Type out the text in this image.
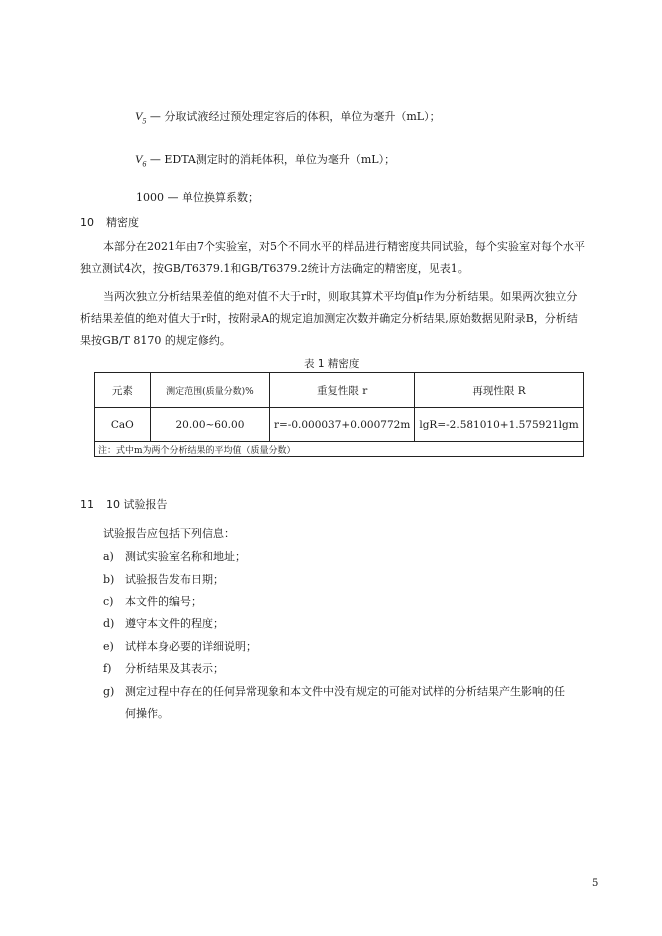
$V_5$ — 分取试液经过预处理定容后的体积，单位为毫升（mL）；
$V_6$ — EDTA测定时的消耗体积，单位为毫升（mL）；
1000 — 单位换算系数；
10 精密度
本部分在2021年由7个实验室，对5个不同水平的样品进行精密度共同试验，每个实验室对每个水平
独立测试4次，按GB/T6379.1和GB/T6379.2统计方法确定的精密度，见表1。
当两次独立分析结果差值的绝对值不大于r时，则取其算术平均值μ作为分析结果。如果两次独立分
析结果差值的绝对值大于r时，按附录A的规定追加测定次数并确定分析结果,原始数据见附录B，分析结
果按GB/T 8170 的规定修约。
表 1 精密度
元素	测定范围(质量分数)%	重复性限 r	再现性限 R
CaO	20.00~60.00	r=-0.000037+0.000772m	lgR=-2.581010+1.575921lgm
注：式中m为两个分析结果的平均值（质量分数）			
11 10 试验报告
试验报告应包括下列信息：
a) 测试实验室名称和地址；
b) 试验报告发布日期；
c) 本文件的编号；
d) 遵守本文件的程度；
e) 试样本身必要的详细说明；
f) 分析结果及其表示；
g) 测定过程中存在的任何异常现象和本文件中没有规定的可能对试样的分析结果产生影响的任
何操作。
5
